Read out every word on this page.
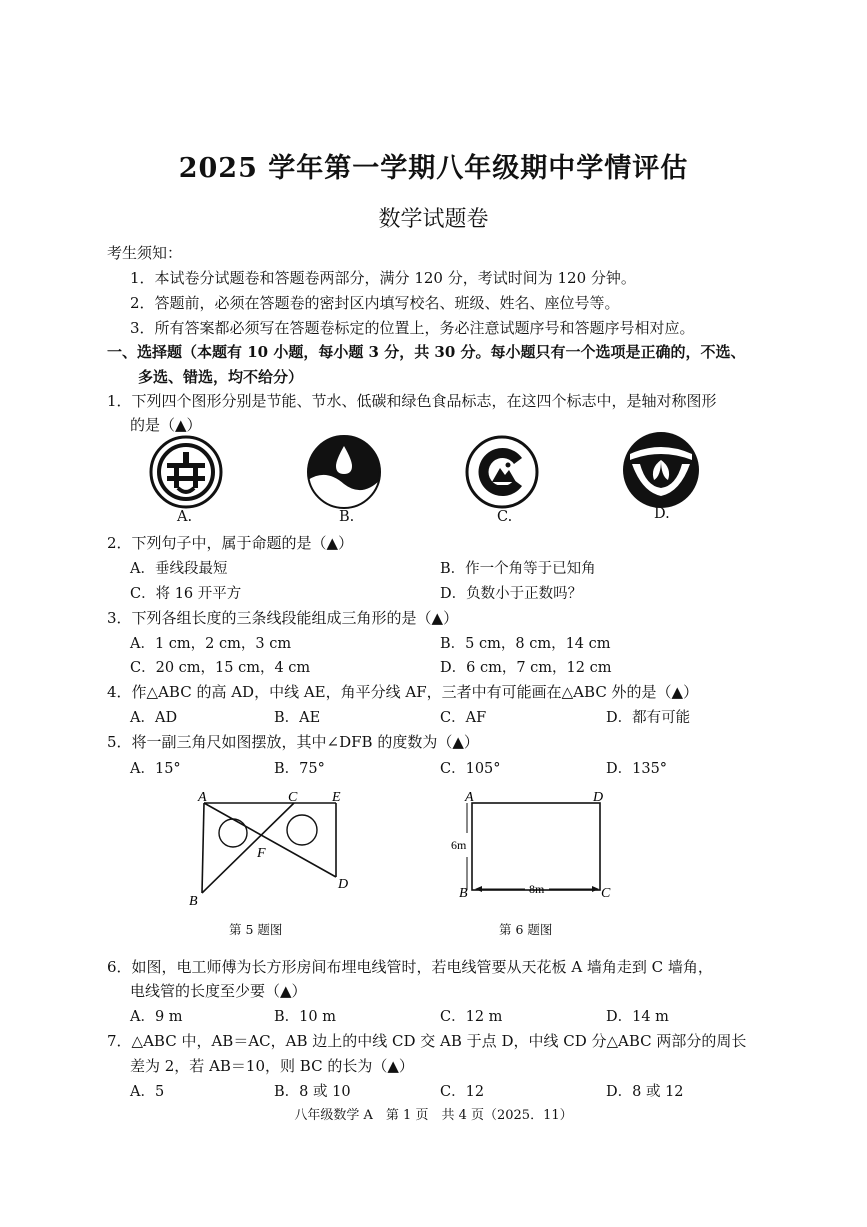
2025 学年第一学期八年级期中学情评估
数学试题卷
考生须知：
1．本试卷分试题卷和答题卷两部分，满分 120 分，考试时间为 120 分钟。
2．答题前，必须在答题卷的密封区内填写校名、班级、姓名、座位号等。
3．所有答案都必须写在答题卷标定的位置上，务必注意试题序号和答题序号相对应。
一、选择题（本题有 10 小题，每小题 3 分，共 30 分。每小题只有一个选项是正确的，不选、
多选、错选，均不给分）
1．下列四个图形分别是节能、节水、低碳和绿色食品标志，在这四个标志中，是轴对称图形
的是（▲）
A.	B.	C.	D.
2．下列句子中，属于命题的是（▲）
A．垂线段最短	B．作一个角等于已知角
C．将 16 开平方	D．负数小于正数吗？
3．下列各组长度的三条线段能组成三角形的是（▲）
A．1 cm，2 cm，3 cm	B．5 cm，8 cm，14 cm
C．20 cm，15 cm，4 cm	D．6 cm，7 cm，12 cm
4．作△ABC 的高 AD，中线 AE，角平分线 AF，三者中有可能画在△ABC 外的是（▲）
A．AD	B．AE	C．AF	D．都有可能
5．将一副三角尺如图摆放，其中∠DFB 的度数为（▲）
A．15°	B．75°	C．105°	D．135°
A	C E
F
B
D
第 5 题图
A	D
B	C
6m
8m
第 6 题图
6．如图，电工师傅为长方形房间布埋电线管时，若电线管要从天花板 A 墙角走到 C 墙角，
电线管的长度至少要（▲）
A．9 m	B．10 m	C．12 m	D．14 m
7．△ABC 中，AB＝AC，AB 边上的中线 CD 交 AB 于点 D，中线 CD 分△ABC 两部分的周长
差为 2，若 AB＝10，则 BC 的长为（▲）
A．5	B．8 或 10	C．12	D．8 或 12
八年级数学 A　第 1 页　共 4 页（2025．11）
